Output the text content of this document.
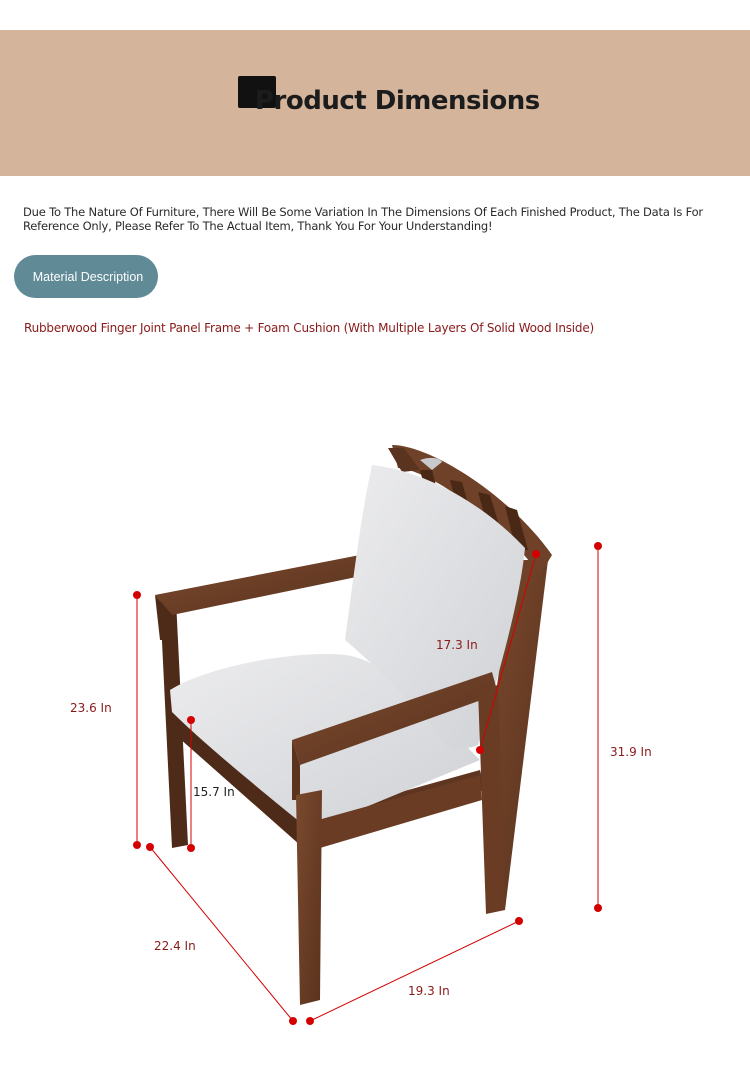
Product Dimensions
Due To The Nature Of Furniture, There Will Be Some Variation In The Dimensions Of Each Finished Product, The Data Is For Reference Only, Please Refer To The Actual Item, Thank You For Your Understanding!
Material Description
Rubberwood Finger Joint Panel Frame + Foam Cushion (With Multiple Layers Of Solid Wood Inside)
17.3 In
23.6 In
15.7 In
31.9 In
22.4 In
19.3 In
